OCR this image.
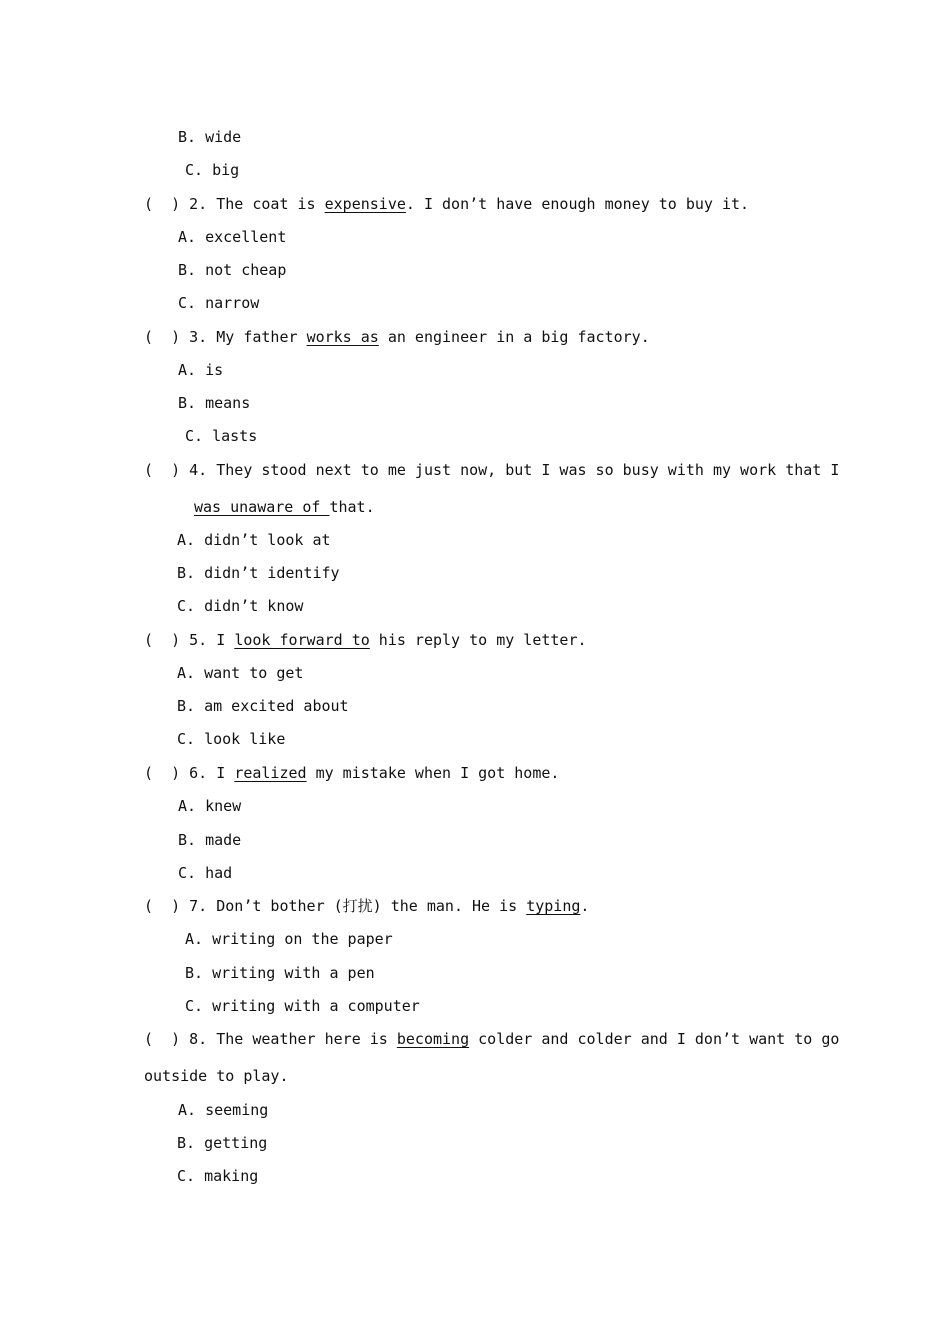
B. wide
C. big
(  ) 2. The coat is expensive. I don’t have enough money to buy it.
A. excellent
B. not cheap
C. narrow
(  ) 3. My father works as an engineer in a big factory.
A. is
B. means
C. lasts
(  ) 4. They stood next to me just now, but I was so busy with my work that I
was unaware of that.
A. didn’t look at
B. didn’t identify
C. didn’t know
(  ) 5. I look forward to his reply to my letter.
A. want to get
B. am excited about
C. look like
(  ) 6. I realized my mistake when I got home.
A. knew
B. made
C. had
(  ) 7. Don’t bother (打扰) the man. He is typing.
A. writing on the paper
B. writing with a pen
C. writing with a computer
(  ) 8. The weather here is becoming colder and colder and I don’t want to go
outside to play.
A. seeming
B. getting
C. making
